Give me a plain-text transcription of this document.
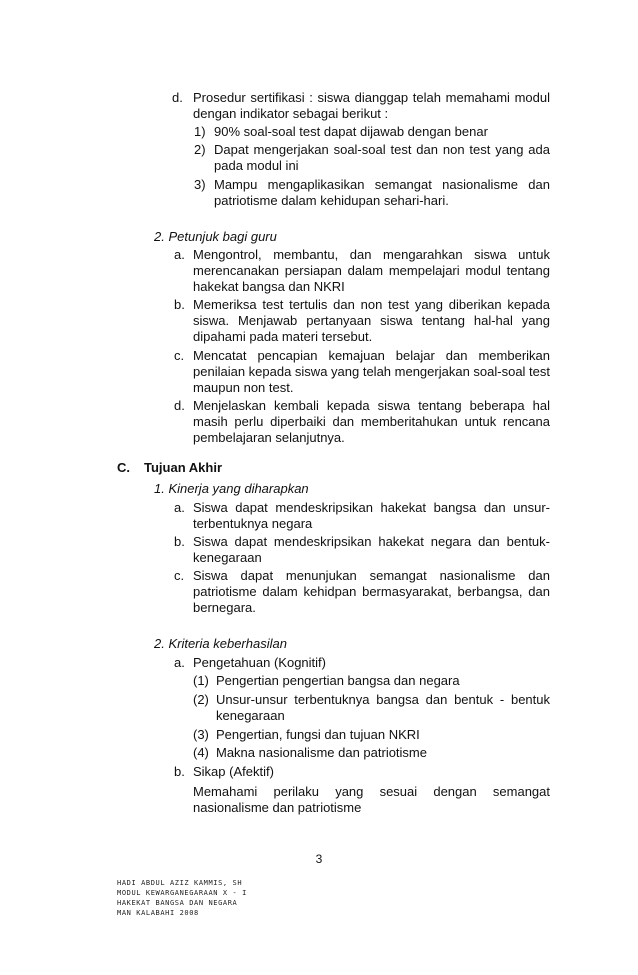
d. Prosedur sertifikasi : siswa dianggap telah memahami modul
dengan indikator sebagai berikut :
1) 90% soal-soal test dapat dijawab dengan benar
2) Dapat mengerjakan soal-soal test dan non test yang ada
pada modul ini
3) Mampu mengaplikasikan semangat nasionalisme dan
patriotisme dalam kehidupan sehari-hari.
2. Petunjuk bagi guru
a. Mengontrol, membantu, dan mengarahkan siswa untuk
merencanakan persiapan dalam mempelajari modul tentang
hakekat bangsa dan NKRI
b. Memeriksa test tertulis dan non test yang diberikan kepada
siswa. Menjawab pertanyaan siswa tentang hal-hal yang
dipahami pada materi tersebut.
c. Mencatat pencapian kemajuan belajar dan memberikan
penilaian kepada siswa yang telah mengerjakan soal-soal test
maupun non test.
d. Menjelaskan kembali kepada siswa tentang beberapa hal
masih perlu diperbaiki dan memberitahukan untuk rencana
pembelajaran selanjutnya.
C. Tujuan Akhir
1. Kinerja yang diharapkan
a. Siswa dapat mendeskripsikan hakekat bangsa dan unsur-
terbentuknya negara
b. Siswa dapat mendeskripsikan hakekat negara dan bentuk-
kenegaraan
c. Siswa dapat menunjukan semangat nasionalisme dan
patriotisme dalam kehidpan bermasyarakat, berbangsa, dan
bernegara.
2. Kriteria keberhasilan
a. Pengetahuan (Kognitif)
(1) Pengertian pengertian bangsa dan negara
(2) Unsur-unsur terbentuknya bangsa dan bentuk - bentuk
kenegaraan
(3) Pengertian, fungsi dan tujuan NKRI
(4) Makna nasionalisme dan patriotisme
b. Sikap (Afektif)
Memahami perilaku yang sesuai dengan semangat
nasionalisme dan patriotisme
3
HADI ABDUL AZIZ KAMMIS, SH
MODUL KEWARGANEGARAAN X - I
HAKEKAT BANGSA DAN NEGARA
MAN KALABAHI 2008
